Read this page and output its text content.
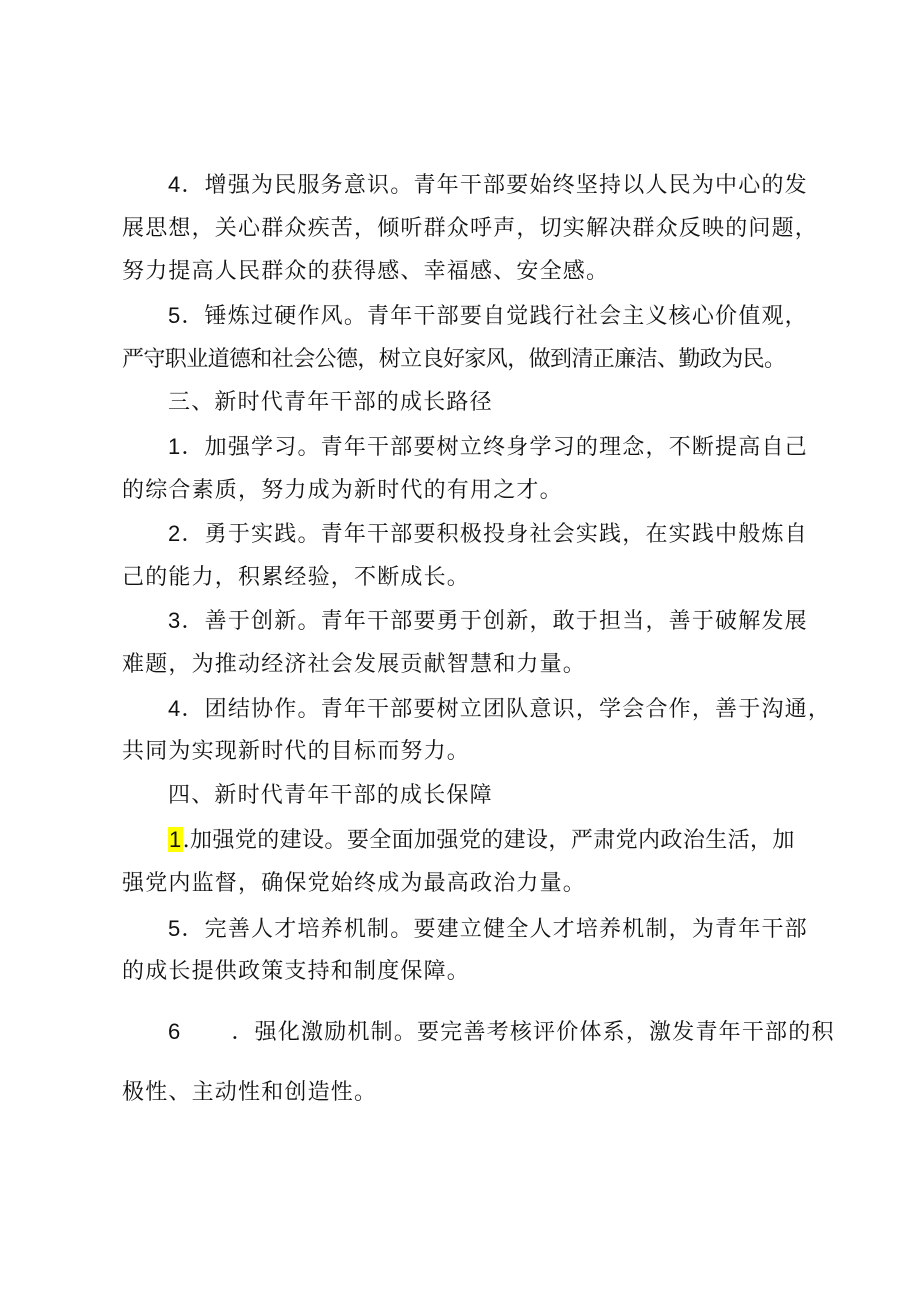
4．增强为民服务意识。青年干部要始终坚持以人民为中心的发
展思想，关心群众疾苦，倾听群众呼声，切实解决群众反映的问题，
努力提高人民群众的获得感、幸福感、安全感。
5．锤炼过硬作风。青年干部要自觉践行社会主义核心价值观，
严守职业道德和社会公德，树立良好家风，做到清正廉洁、勤政为民。
三、新时代青年干部的成长路径
1．加强学习。青年干部要树立终身学习的理念，不断提高自己
的综合素质，努力成为新时代的有用之才。
2．勇于实践。青年干部要积极投身社会实践，在实践中般炼自
己的能力，积累经验，不断成长。
3．善于创新。青年干部要勇于创新，敢于担当，善于破解发展
难题，为推动经济社会发展贡献智慧和力量。
4．团结协作。青年干部要树立团队意识，学会合作，善于沟通，
共同为实现新时代的目标而努力。
四、新时代青年干部的成长保障
1.加强党的建设。要全面加强党的建设，严肃党内政治生活，加
强党内监督，确保党始终成为最高政治力量。
5．完善人才培养机制。要建立健全人才培养机制，为青年干部
的成长提供政策支持和制度保障。
6 ．强化激励机制。要完善考核评价体系，激发青年干部的积
极性、主动性和创造性。
